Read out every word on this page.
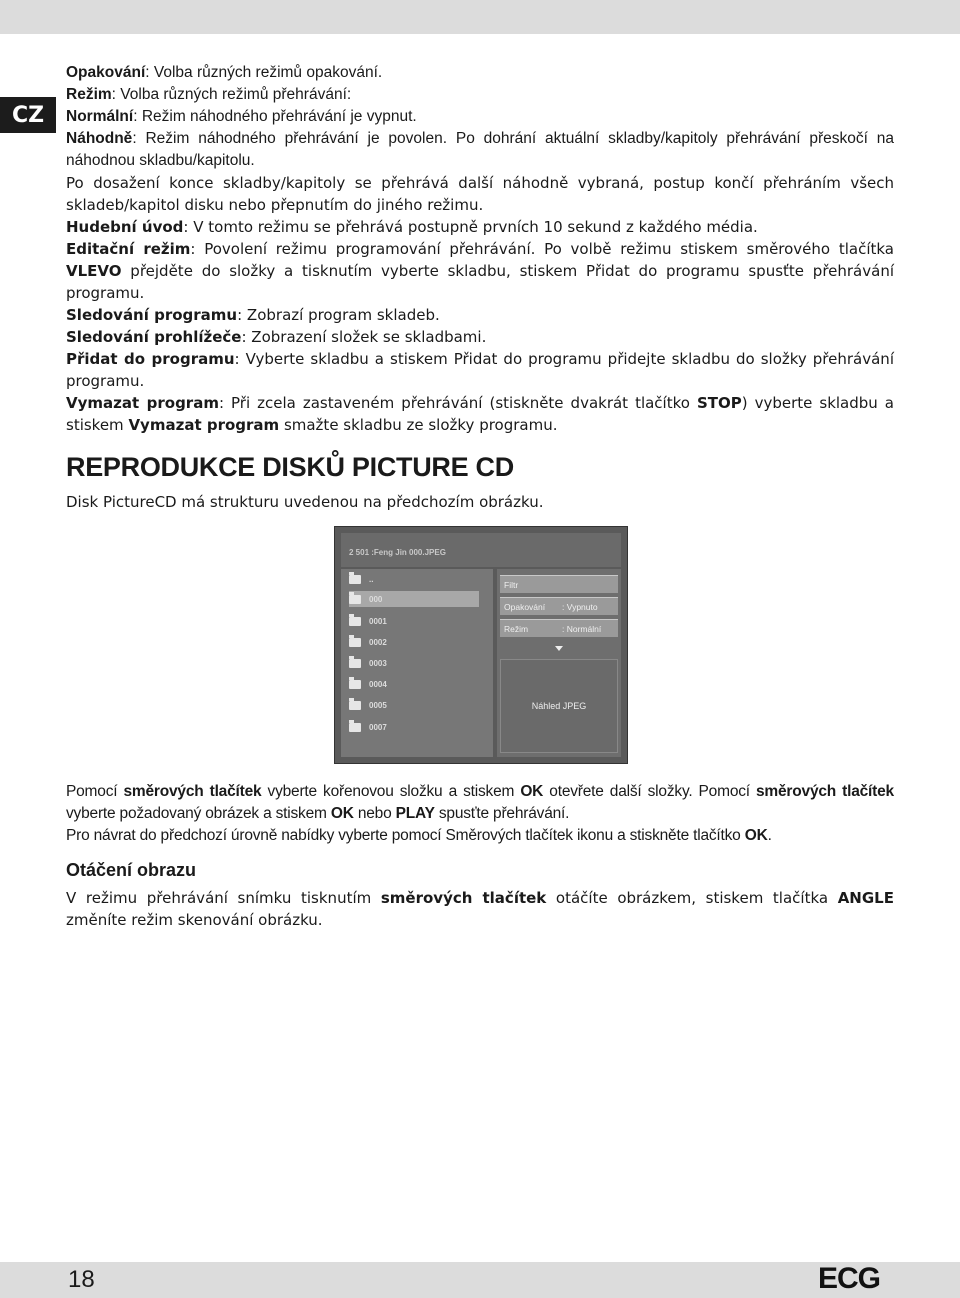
CZ

Opakování: Volba různých režimů opakování.

Režim: Volba různých režimů přehrávání:

Normální: Režim náhodného přehrávání je vypnut.

Náhodně: Režim náhodného přehrávání je povolen. Po dohrání aktuální skladby/kapitoly přehrávání přeskočí na náhodnou skladbu/kapitolu.

Po dosažení konce skladby/kapitoly se přehrává další náhodně vybraná, postup končí přehráním všech skladeb/kapitol disku nebo přepnutím do jiného režimu.

Hudební úvod: V tomto režimu se přehrává postupně prvních 10 sekund z každého média.

Editační režim: Povolení režimu programování přehrávání. Po volbě režimu stiskem směrového tlačítka VLEVO přejděte do složky a tisknutím vyberte skladbu, stiskem Přidat do programu spusťte přehrávání programu.

Sledování programu: Zobrazí program skladeb.

Sledování prohlížeče: Zobrazení složek se skladbami.

Přidat do programu: Vyberte skladbu a stiskem Přidat do programu přidejte skladbu do složky přehrávání programu.

Vymazat program: Při zcela zastaveném přehrávání (stiskněte dvakrát tlačítko STOP) vyberte skladbu a stiskem Vymazat program smažte skladbu ze složky programu.

REPRODUKCE DISKŮ PICTURE CD

Disk PictureCD má strukturu uvedenou na předchozím obrázku.

2 501 :Feng Jin 000.JPEG
..
000
0001
0002
0003
0004
0005
0007
Filtr
Opakování : Vypnuto
Režim	: Normální
Náhled JPEG

Pomocí směrových tlačítek vyberte kořenovou složku a stiskem OK otevřete další složky. Pomocí směrových tlačítek vyberte požadovaný obrázek a stiskem OK nebo PLAY spusťte přehrávání.

Pro návrat do předchozí úrovně nabídky vyberte pomocí Směrových tlačítek ikonu a stiskněte tlačítko OK.

Otáčení obrazu

V režimu přehrávání snímku tisknutím směrových tlačítek otáčíte obrázkem, stiskem tlačítka ANGLE změníte režim skenování obrázku.

18	ECG
